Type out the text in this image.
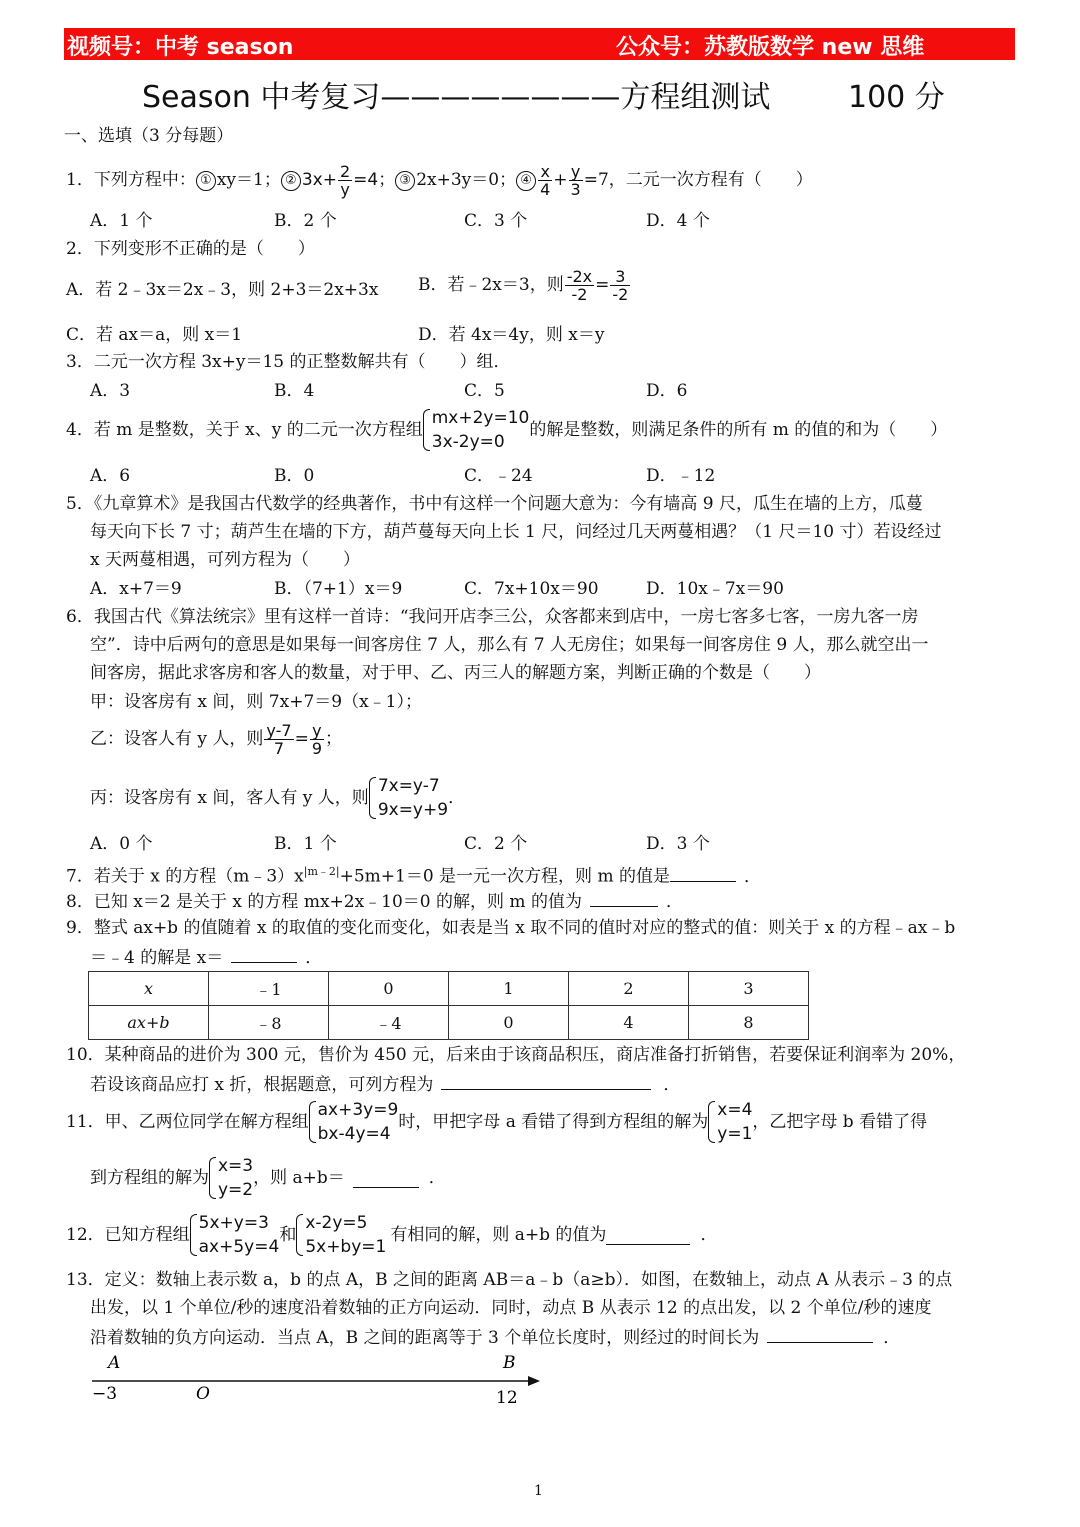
视频号：中考 season	公众号：苏教版数学 new 思维
Season 中考复习————————方程组测试	100 分
一、选填（3 分每题）
1．下列方程中： ① xy＝1； ② $3x+ \frac{2}{y} =4$； ③ 2x+3y＝0； ④ $\frac{x}{4} + \frac{y}{3} =7$，二元一次方程有（　　）
A．1 个	B．2 个	C．3 个	D．4 个
2．下列变形不正确的是（　　）
A．若 2﹣3x＝2x﹣3，则 2+3＝2x+3x B．若﹣2x＝3，则 $\frac{-2x}{-2} = \frac{3}{-2}$
C．若 ax＝a，则 x＝1	D．若 4x＝4y，则 x＝y
3．二元一次方程 3x+y＝15 的正整数解共有（　　）组．
A．3	B．4	C．5	D．6
4．若 m 是整数，关于 x、y 的二元一次方程组
mx+2y=10
3x-2y=0
的解是整数，则满足条件的所有 m 的值的和为（　　）
A．6	B．0	C．﹣24	D．﹣12
5．《九章算术》是我国古代数学的经典著作，书中有这样一个问题大意为：今有墙高 9 尺，瓜生在墙的上方，瓜蔓
每天向下长 7 寸；葫芦生在墙的下方，葫芦蔓每天向上长 1 尺，问经过几天两蔓相遇？（1 尺＝10 寸）若设经过
x 天两蔓相遇，可列方程为（　　）
A．x+7＝9	B．（7+1）x＝9	C．7x+10x＝90	D．10x﹣7x＝90
6．我国古代《算法统宗》里有这样一首诗：“我问开店李三公，众客都来到店中，一房七客多七客，一房九客一房
空”．诗中后两句的意思是如果每一间客房住 7 人，那么有 7 人无房住；如果每一间客房住 9 人，那么就空出一
间客房，据此求客房和客人的数量，对于甲、乙、丙三人的解题方案，判断正确的个数是（　　）
甲：设客房有 x 间，则 7x+7＝9（x﹣1）；
乙：设客人有 y 人，则 $\frac{y-7}{7} = \frac{y}{9}$ ；
丙：设客房有 x 间，客人有 y 人，则
7x=y-7
9x=y+9
．
A．0 个	B．1 个	C．2 个	D．3 个
7．若关于 x 的方程$(m﹣3)x^{|m﹣2|}+5m+1=0$ 是一元一次方程，则 m 的值是	．
8．已知 x＝2 是关于 x 的方程 mx+2x﹣10＝0 的解，则 m 的值为	．
9．整式 ax+b 的值随着 x 的取值的变化而变化，如表是当 x 取不同的值时对应的整式的值：则关于 x 的方程﹣ax﹣b
＝﹣4 的解是 x＝	．
x	﹣1	0	1	2	3
ax+b	﹣8	﹣4	0	4	8
10．某种商品的进价为 300 元，售价为 450 元，后来由于该商品积压，商店准备打折销售，若要保证利润率为 20%，
若设该商品应打 x 折，根据题意，可列方程为	．
11．甲、乙两位同学在解方程组
ax+3y=9
bx-4y=4
时，甲把字母 a 看错了得到方程组的解为
x=4
y=1
，乙把字母 b 看错了得
到方程组的解为
x=3
y=2
，则 a+b＝	．
12．已知方程组
5x+y=3
ax+5y=4
和
x-2y=5
5x+by=1
有相同的解，则 a+b 的值为	．
13．定义：数轴上表示数 a，b 的点 A，B 之间的距离 AB＝a﹣b（a≥b）．如图，在数轴上，动点 A 从表示﹣3 的点
出发，以 1 个单位/秒的速度沿着数轴的正方向运动．同时，动点 B 从表示 12 的点出发，以 2 个单位/秒的速度
沿着数轴的负方向运动．当点 A，B 之间的距离等于 3 个单位长度时，则经过的时间长为	．
A	B
−3	O	12
1
